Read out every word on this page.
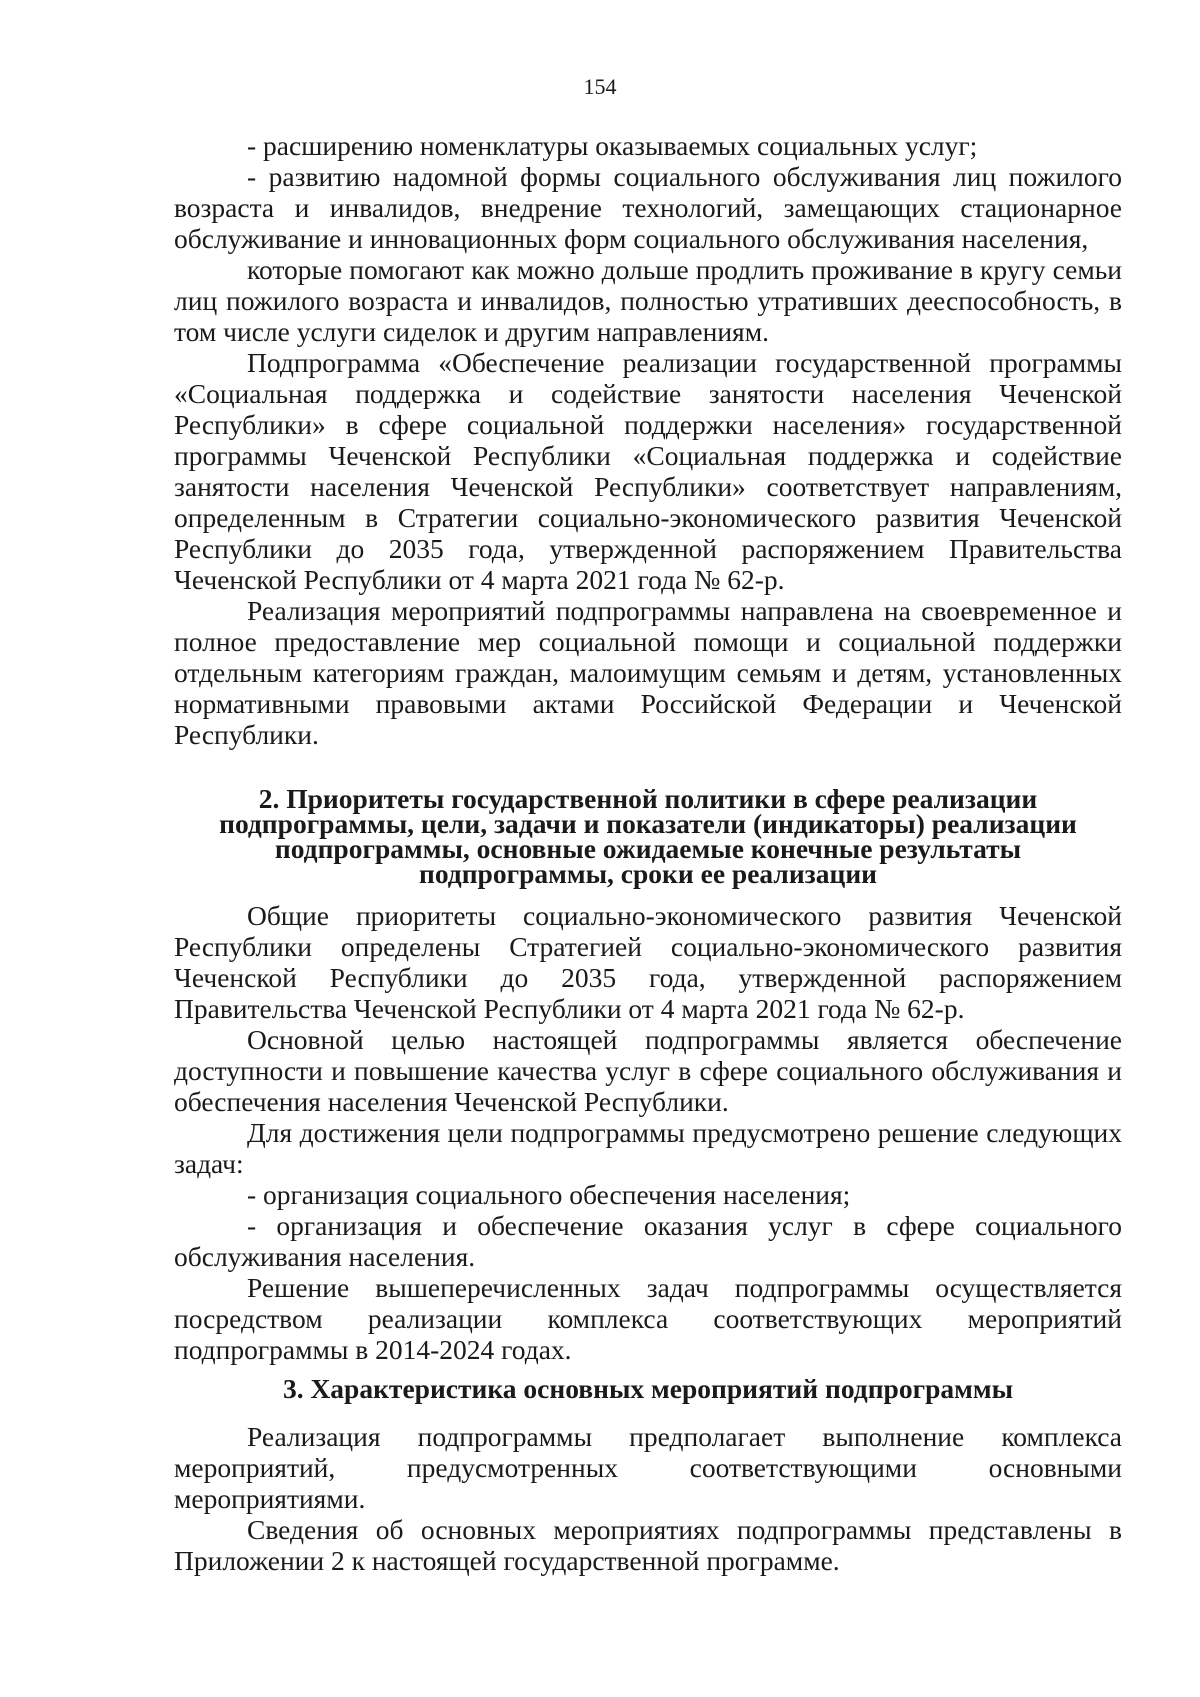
154

- расширению номенклатуры оказываемых социальных услуг;

- развитию надомной формы социального обслуживания лиц пожилого возраста и инвалидов, внедрение технологий, замещающих стационарное обслуживание и инновационных форм социального обслуживания населения,

которые помогают как можно дольше продлить проживание в кругу семьи лиц пожилого возраста и инвалидов, полностью утративших дееспособность, в том числе услуги сиделок и другим направлениям.

Подпрограмма «Обеспечение реализации государственной программы «Социальная поддержка и содействие занятости населения Чеченской Республики» в сфере социальной поддержки населения» государственной программы Чеченской Республики «Социальная поддержка и содействие занятости населения Чеченской Республики» соответствует направлениям, определенным в Стратегии социально-экономического развития Чеченской Республики до 2035 года, утвержденной распоряжением Правительства Чеченской Республики от 4 марта 2021 года № 62-р.

Реализация мероприятий подпрограммы направлена на своевременное и полное предоставление мер социальной помощи и социальной поддержки отдельным категориям граждан, малоимущим семьям и детям, установленных нормативными правовыми актами Российской Федерации и Чеченской Республики.

2. Приоритеты государственной политики в сфере реализации
подпрограммы, цели, задачи и показатели (индикаторы) реализации
подпрограммы, основные ожидаемые конечные результаты
подпрограммы, сроки ее реализации

Общие приоритеты социально-экономического развития Чеченской Республики определены Стратегией социально-экономического развития Чеченской Республики до 2035 года, утвержденной распоряжением Правительства Чеченской Республики от 4 марта 2021 года № 62-р.

Основной целью настоящей подпрограммы является обеспечение доступности и повышение качества услуг в сфере социального обслуживания и обеспечения населения Чеченской Республики.

Для достижения цели подпрограммы предусмотрено решение следующих задач:

- организация социального обеспечения населения;

- организация и обеспечение оказания услуг в сфере социального обслуживания населения.

Решение вышеперечисленных задач подпрограммы осуществляется посредством реализации комплекса соответствующих мероприятий подпрограммы в 2014-2024 годах.

3. Характеристика основных мероприятий подпрограммы

Реализация подпрограммы предполагает выполнение комплекса мероприятий, предусмотренных соответствующими основными мероприятиями.

Сведения об основных мероприятиях подпрограммы представлены в Приложении 2 к настоящей государственной программе.
